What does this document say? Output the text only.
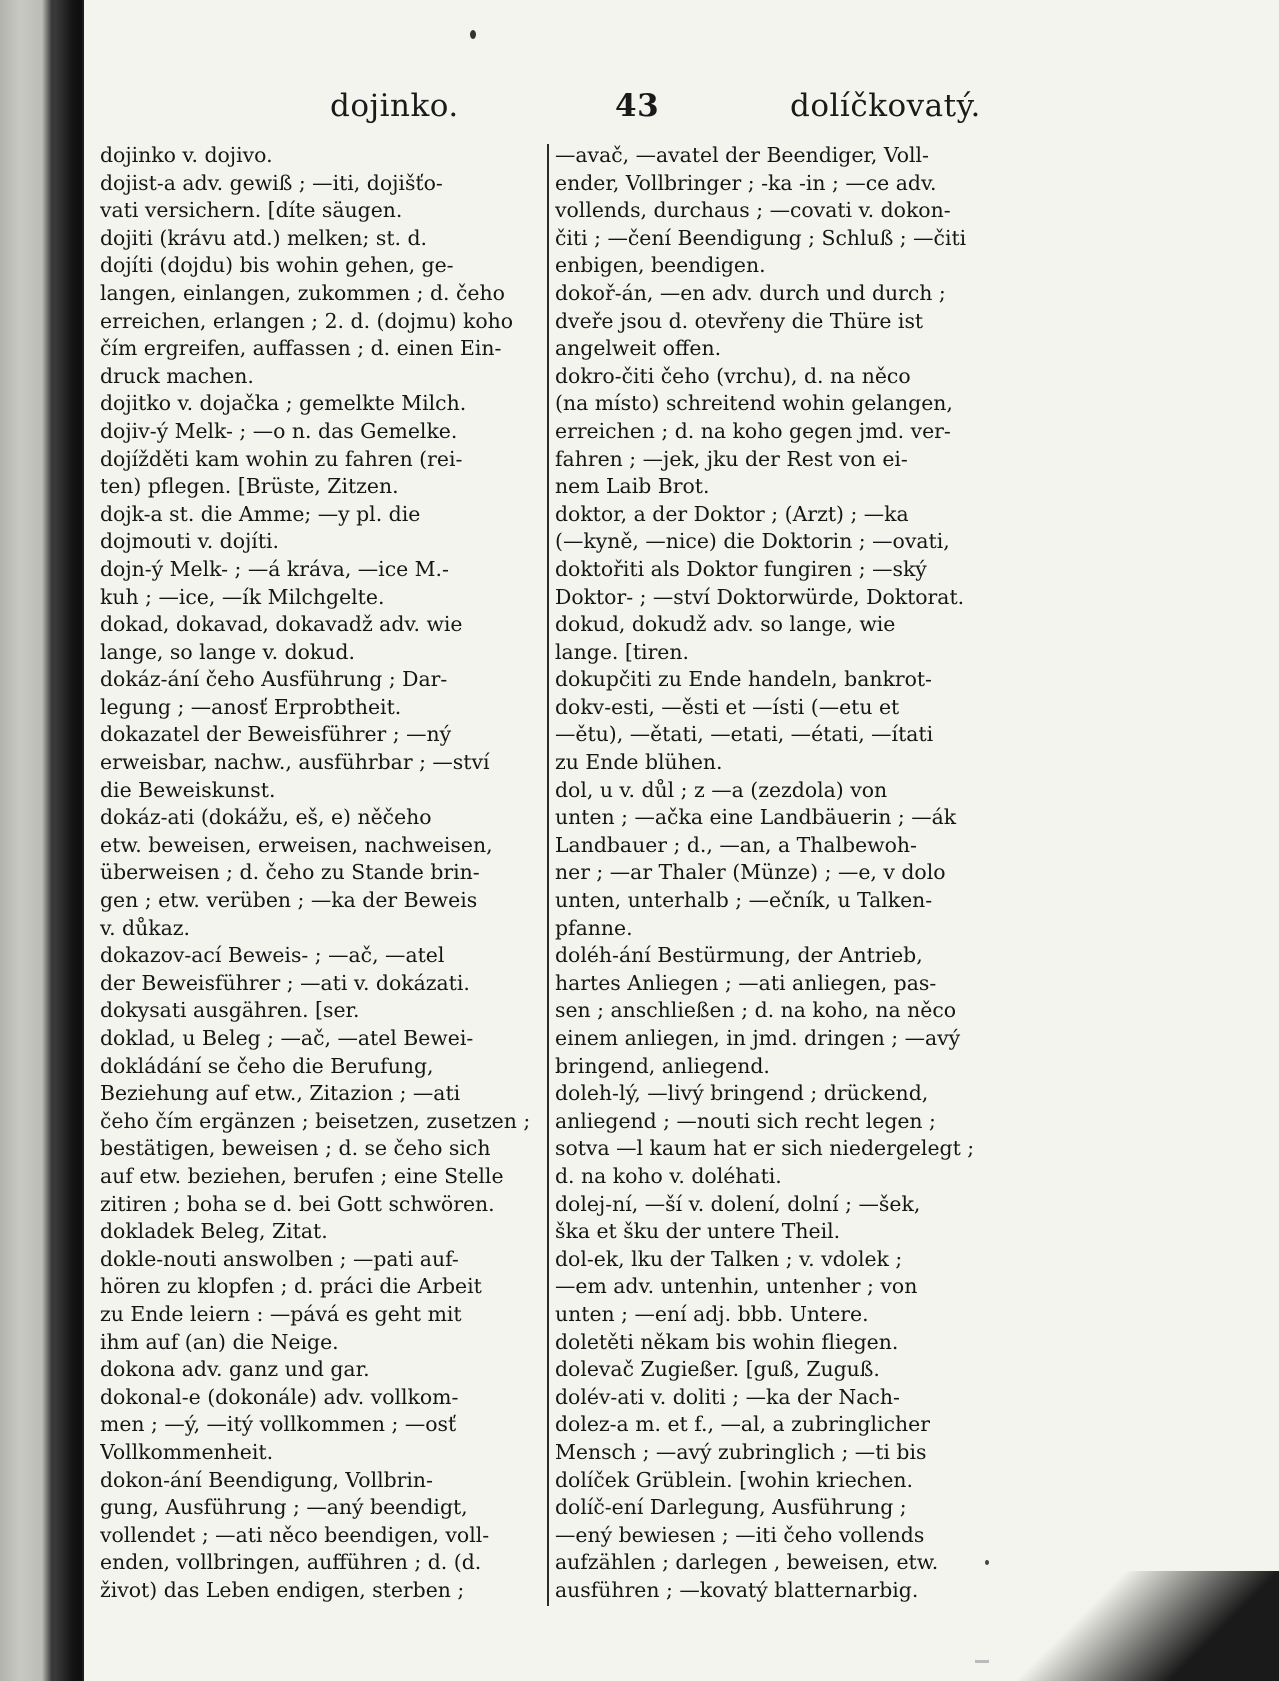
dojinko.	43	dolíčkovatý.
dojinko v. dojivo.
dojist-a adv. gewiß ; —iti, dojišťo-
vati versichern. [díte säugen.
dojiti (krávu atd.) melken; st. d.
dojíti (dojdu) bis wohin gehen, ge-
langen, einlangen, zukommen ; d. čeho
erreichen, erlangen ; 2. d. (dojmu) koho
čím ergreifen, auffassen ; d. einen Ein-
druck machen.
dojitko v. dojačka ; gemelkte Milch.
dojiv-ý Melk- ; —o n. das Gemelke.
dojížděti kam wohin zu fahren (rei-
ten) pflegen. [Brüste, Zitzen.
dojk-a st. die Amme; —y pl. die
dojmouti v. dojíti.
dojn-ý Melk- ; —á kráva, —ice M.-
kuh ; —ice, —ík Milchgelte.
dokad, dokavad, dokavadž adv. wie
lange, so lange v. dokud.
dokáz-ání čeho Ausführung ; Dar-
legung ; —anosť Erprobtheit.
dokazatel der Beweisführer ; —ný
erweisbar, nachw., ausführbar ; —ství
die Beweiskunst.
dokáz-ati (dokážu, eš, e) něčeho
etw. beweisen, erweisen, nachweisen,
überweisen ; d. čeho zu Stande brin-
gen ; etw. verüben ; —ka der Beweis
v. důkaz.
dokazov-ací Beweis- ; —ač, —atel
der Beweisführer ; —ati v. dokázati.
dokysati ausgähren. [ser.
doklad, u Beleg ; —ač, —atel Bewei-
dokládání se čeho die Berufung,
Beziehung auf etw., Zitazion ; —ati
čeho čím ergänzen ; beisetzen, zusetzen ;
bestätigen, beweisen ; d. se čeho sich
auf etw. beziehen, berufen ; eine Stelle
zitiren ; boha se d. bei Gott schwören.
dokladek Beleg, Zitat.
dokle-nouti answolben ; —pati auf-
hören zu klopfen ; d. práci die Arbeit
zu Ende leiern : —pává es geht mit
ihm auf (an) die Neige.
dokona adv. ganz und gar.
dokonal-e (dokonále) adv. vollkom-
men ; —ý, —itý vollkommen ; —osť
Vollkommenheit.
dokon-ání Beendigung, Vollbrin-
gung, Ausführung ; —aný beendigt,
vollendet ; —ati něco beendigen, voll-
enden, vollbringen, aufführen ; d. (d.
život) das Leben endigen, sterben ;
—avač, —avatel der Beendiger, Voll-
ender, Vollbringer ; -ka -in ; —ce adv.
vollends, durchaus ; —covati v. dokon-
čiti ; —čení Beendigung ; Schluß ; —čiti
enbigen, beendigen.
dokoř-án, —en adv. durch und durch ;
dveře jsou d. otevřeny die Thüre ist
angelweit offen.
dokro-čiti čeho (vrchu), d. na něco
(na místo) schreitend wohin gelangen,
erreichen ; d. na koho gegen jmd. ver-
fahren ; —jek, jku der Rest von ei-
nem Laib Brot.
doktor, a der Doktor ; (Arzt) ; —ka
(—kyně, —nice) die Doktorin ; —ovati,
doktořiti als Doktor fungiren ; —ský
Doktor- ; —ství Doktorwürde, Doktorat.
dokud, dokudž adv. so lange, wie
lange. [tiren.
dokupčiti zu Ende handeln, bankrot-
dokv-esti, —ěsti et —ísti (—etu et
—ětu), —ětati, —etati, —étati, —ítati
zu Ende blühen.
dol, u v. důl ; z —a (zezdola) von
unten ; —ačka eine Landbäuerin ; —ák
Landbauer ; d., —an, a Thalbewoh-
ner ; —ar Thaler (Münze) ; —e, v dolo
unten, unterhalb ; —ečník, u Talken-
pfanne.
doléh-ání Bestürmung, der Antrieb,
hartes Anliegen ; —ati anliegen, pas-
sen ; anschließen ; d. na koho, na něco
einem anliegen, in jmd. dringen ; —avý
bringend, anliegend.
doleh-lý, —livý bringend ; drückend,
anliegend ; —nouti sich recht legen ;
sotva —l kaum hat er sich niedergelegt ;
d. na koho v. doléhati.
dolej-ní, —ší v. dolení, dolní ; —šek,
ška et šku der untere Theil.
dol-ek, lku der Talken ; v. vdolek ;
—em adv. untenhin, untenher ; von
unten ; —ení adj. bbb. Untere.
doletěti někam bis wohin fliegen.
dolevač Zugießer. [guß, Zuguß.
dolév-ati v. doliti ; —ka der Nach-
dolez-a m. et f., —al, a zubringlicher
Mensch ; —avý zubringlich ; —ti bis
dolíček Grüblein. [wohin kriechen.
dolíč-ení Darlegung, Ausführung ;
—ený bewiesen ; —iti čeho vollends
aufzählen ; darlegen , beweisen, etw.
ausführen ; —kovatý blatternarbig.
